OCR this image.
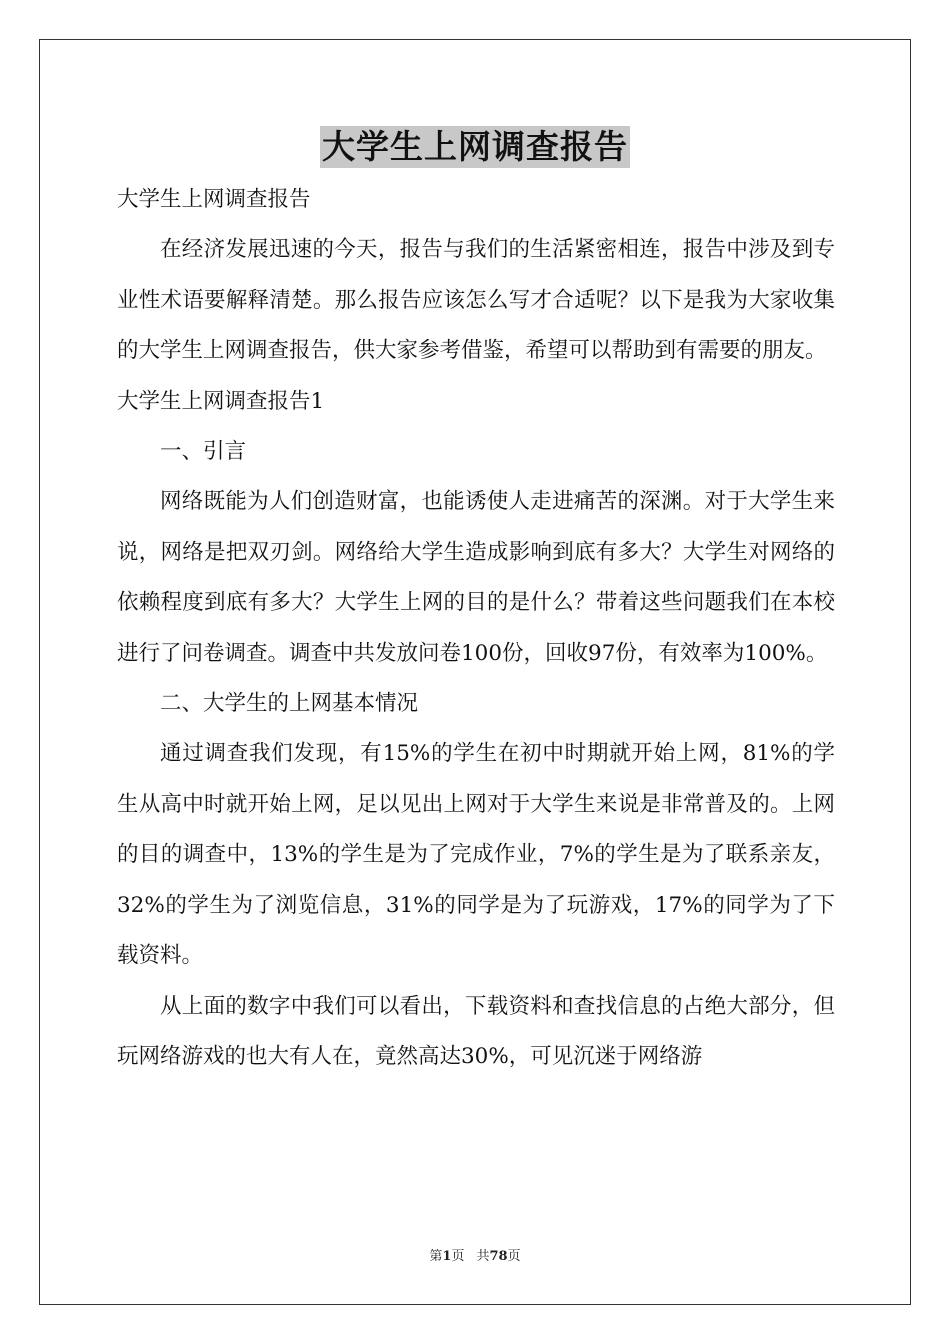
大学生上网调查报告

大学生上网调查报告

在经济发展迅速的今天，报告与我们的生活紧密相连，报告中涉及到专业性术语要解释清楚。那么报告应该怎么写才合适呢？以下是我为大家收集的大学生上网调查报告，供大家参考借鉴，希望可以帮助到有需要的朋友。

大学生上网调查报告1

一、引言

网络既能为人们创造财富，也能诱使人走进痛苦的深渊。对于大学生来说，网络是把双刃剑。网络给大学生造成影响到底有多大？大学生对网络的依赖程度到底有多大？大学生上网的目的是什么？带着这些问题我们在本校进行了问卷调查。调查中共发放问卷100份，回收97份，有效率为100%。

二、大学生的上网基本情况

通过调查我们发现，有15%的学生在初中时期就开始上网，81%的学生从高中时就开始上网，足以见出上网对于大学生来说是非常普及的。上网的目的调查中，13%的学生是为了完成作业，7%的学生是为了联系亲友，32%的学生为了浏览信息，31%的同学是为了玩游戏，17%的同学为了下载资料。

从上面的数字中我们可以看出，下载资料和查找信息的占绝大部分，但玩网络游戏的也大有人在，竟然高达30%，可见沉迷于网络游

第1页 共78页
